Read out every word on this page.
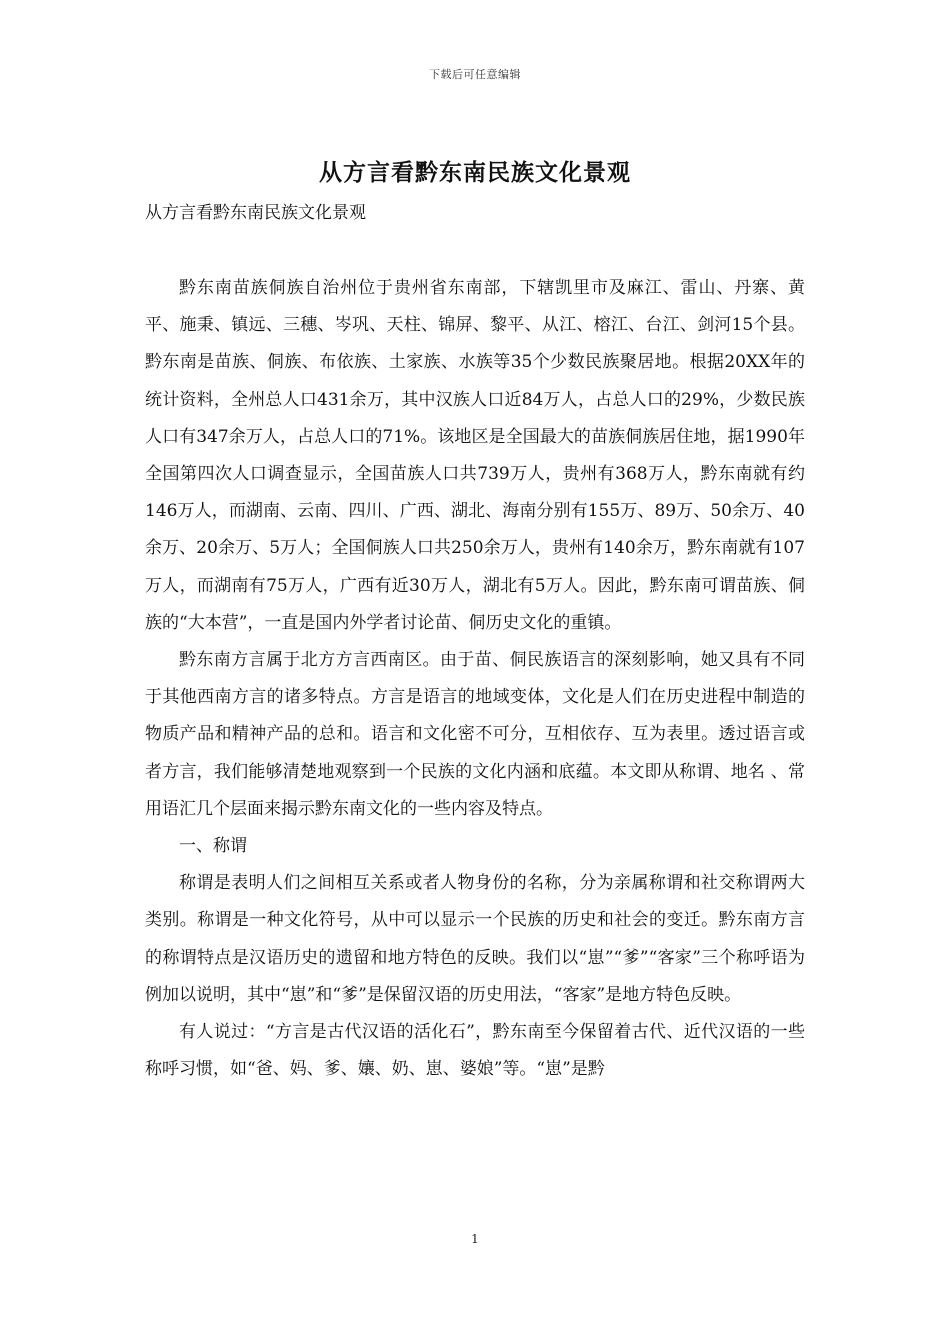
下载后可任意编辑
从方言看黔东南民族文化景观
从方言看黔东南民族文化景观

黔东南苗族侗族自治州位于贵州省东南部，下辖凯里市及麻江、雷山、丹寨、黄平、施秉、镇远、三穗、岑巩、天柱、锦屏、黎平、从江、榕江、台江、剑河15个县。黔东南是苗族、侗族、布依族、土家族、水族等35个少数民族聚居地。根据20XX年的统计资料，全州总人口431余万，其中汉族人口近84万人，占总人口的29%，少数民族人口有347余万人，占总人口的71%。该地区是全国最大的苗族侗族居住地，据1990年全国第四次人口调查显示，全国苗族人口共739万人，贵州有368万人，黔东南就有约146万人，而湖南、云南、四川、广西、湖北、海南分别有155万、89万、50余万、40余万、20余万、5万人；全国侗族人口共250余万人，贵州有140余万，黔东南就有107万人，而湖南有75万人，广西有近30万人，湖北有5万人。因此，黔东南可谓苗族、侗族的“大本营”，一直是国内外学者讨论苗、侗历史文化的重镇。

黔东南方言属于北方方言西南区。由于苗、侗民族语言的深刻影响，她又具有不同于其他西南方言的诸多特点。方言是语言的地域变体，文化是人们在历史进程中制造的物质产品和精神产品的总和。语言和文化密不可分，互相依存、互为表里。透过语言或者方言，我们能够清楚地观察到一个民族的文化内涵和底蕴。本文即从称谓、地名 、常用语汇几个层面来揭示黔东南文化的一些内容及特点。

一、称谓

称谓是表明人们之间相互关系或者人物身份的名称，分为亲属称谓和社交称谓两大类别。称谓是一种文化符号，从中可以显示一个民族的历史和社会的变迁。黔东南方言的称谓特点是汉语历史的遗留和地方特色的反映。我们以“崽”“爹”“客家”三个称呼语为例加以说明，其中“崽”和“爹”是保留汉语的历史用法，“客家”是地方特色反映。

有人说过：“方言是古代汉语的活化石”，黔东南至今保留着古代、近代汉语的一些称呼习惯，如“爸、妈、爹、孃、奶、崽、婆娘”等。“崽”是黔

1
